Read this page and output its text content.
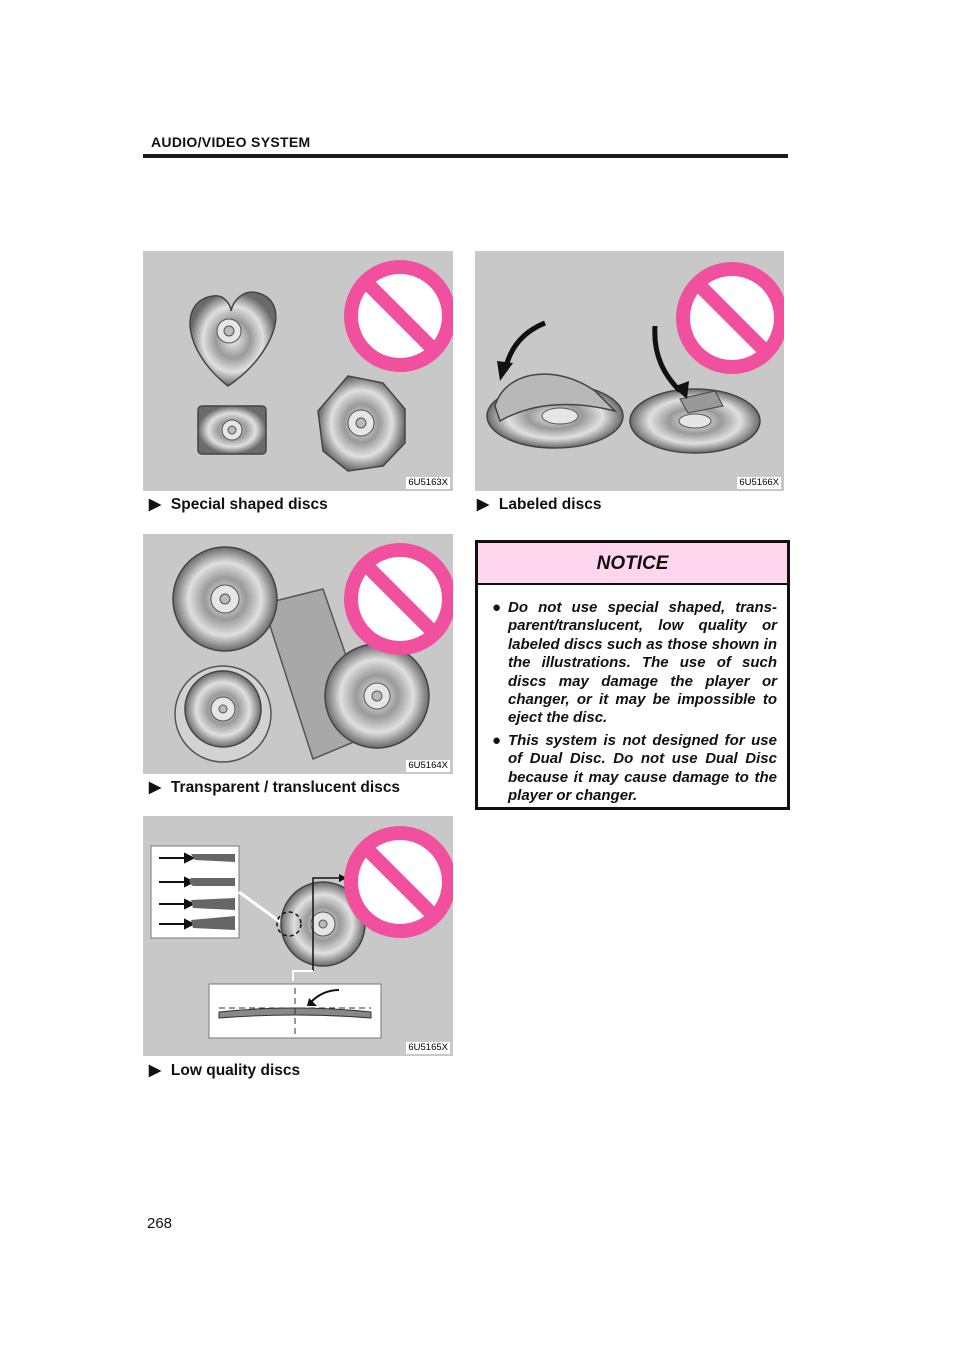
AUDIO/VIDEO SYSTEM
6U5163X
▶ Special shaped discs
6U5166X
▶ Labeled discs
6U5164X
▶ Transparent / translucent discs
6U5165X
▶ Low quality discs
NOTICE
● Do not use special shaped, trans-parent/translucent, low quality or labeled discs such as those shown in the illustrations. The use of such discs may damage the player or changer, or it may be impossible to eject the disc.
● This system is not designed for use of Dual Disc. Do not use Dual Disc because it may cause damage to the player or changer.
268
